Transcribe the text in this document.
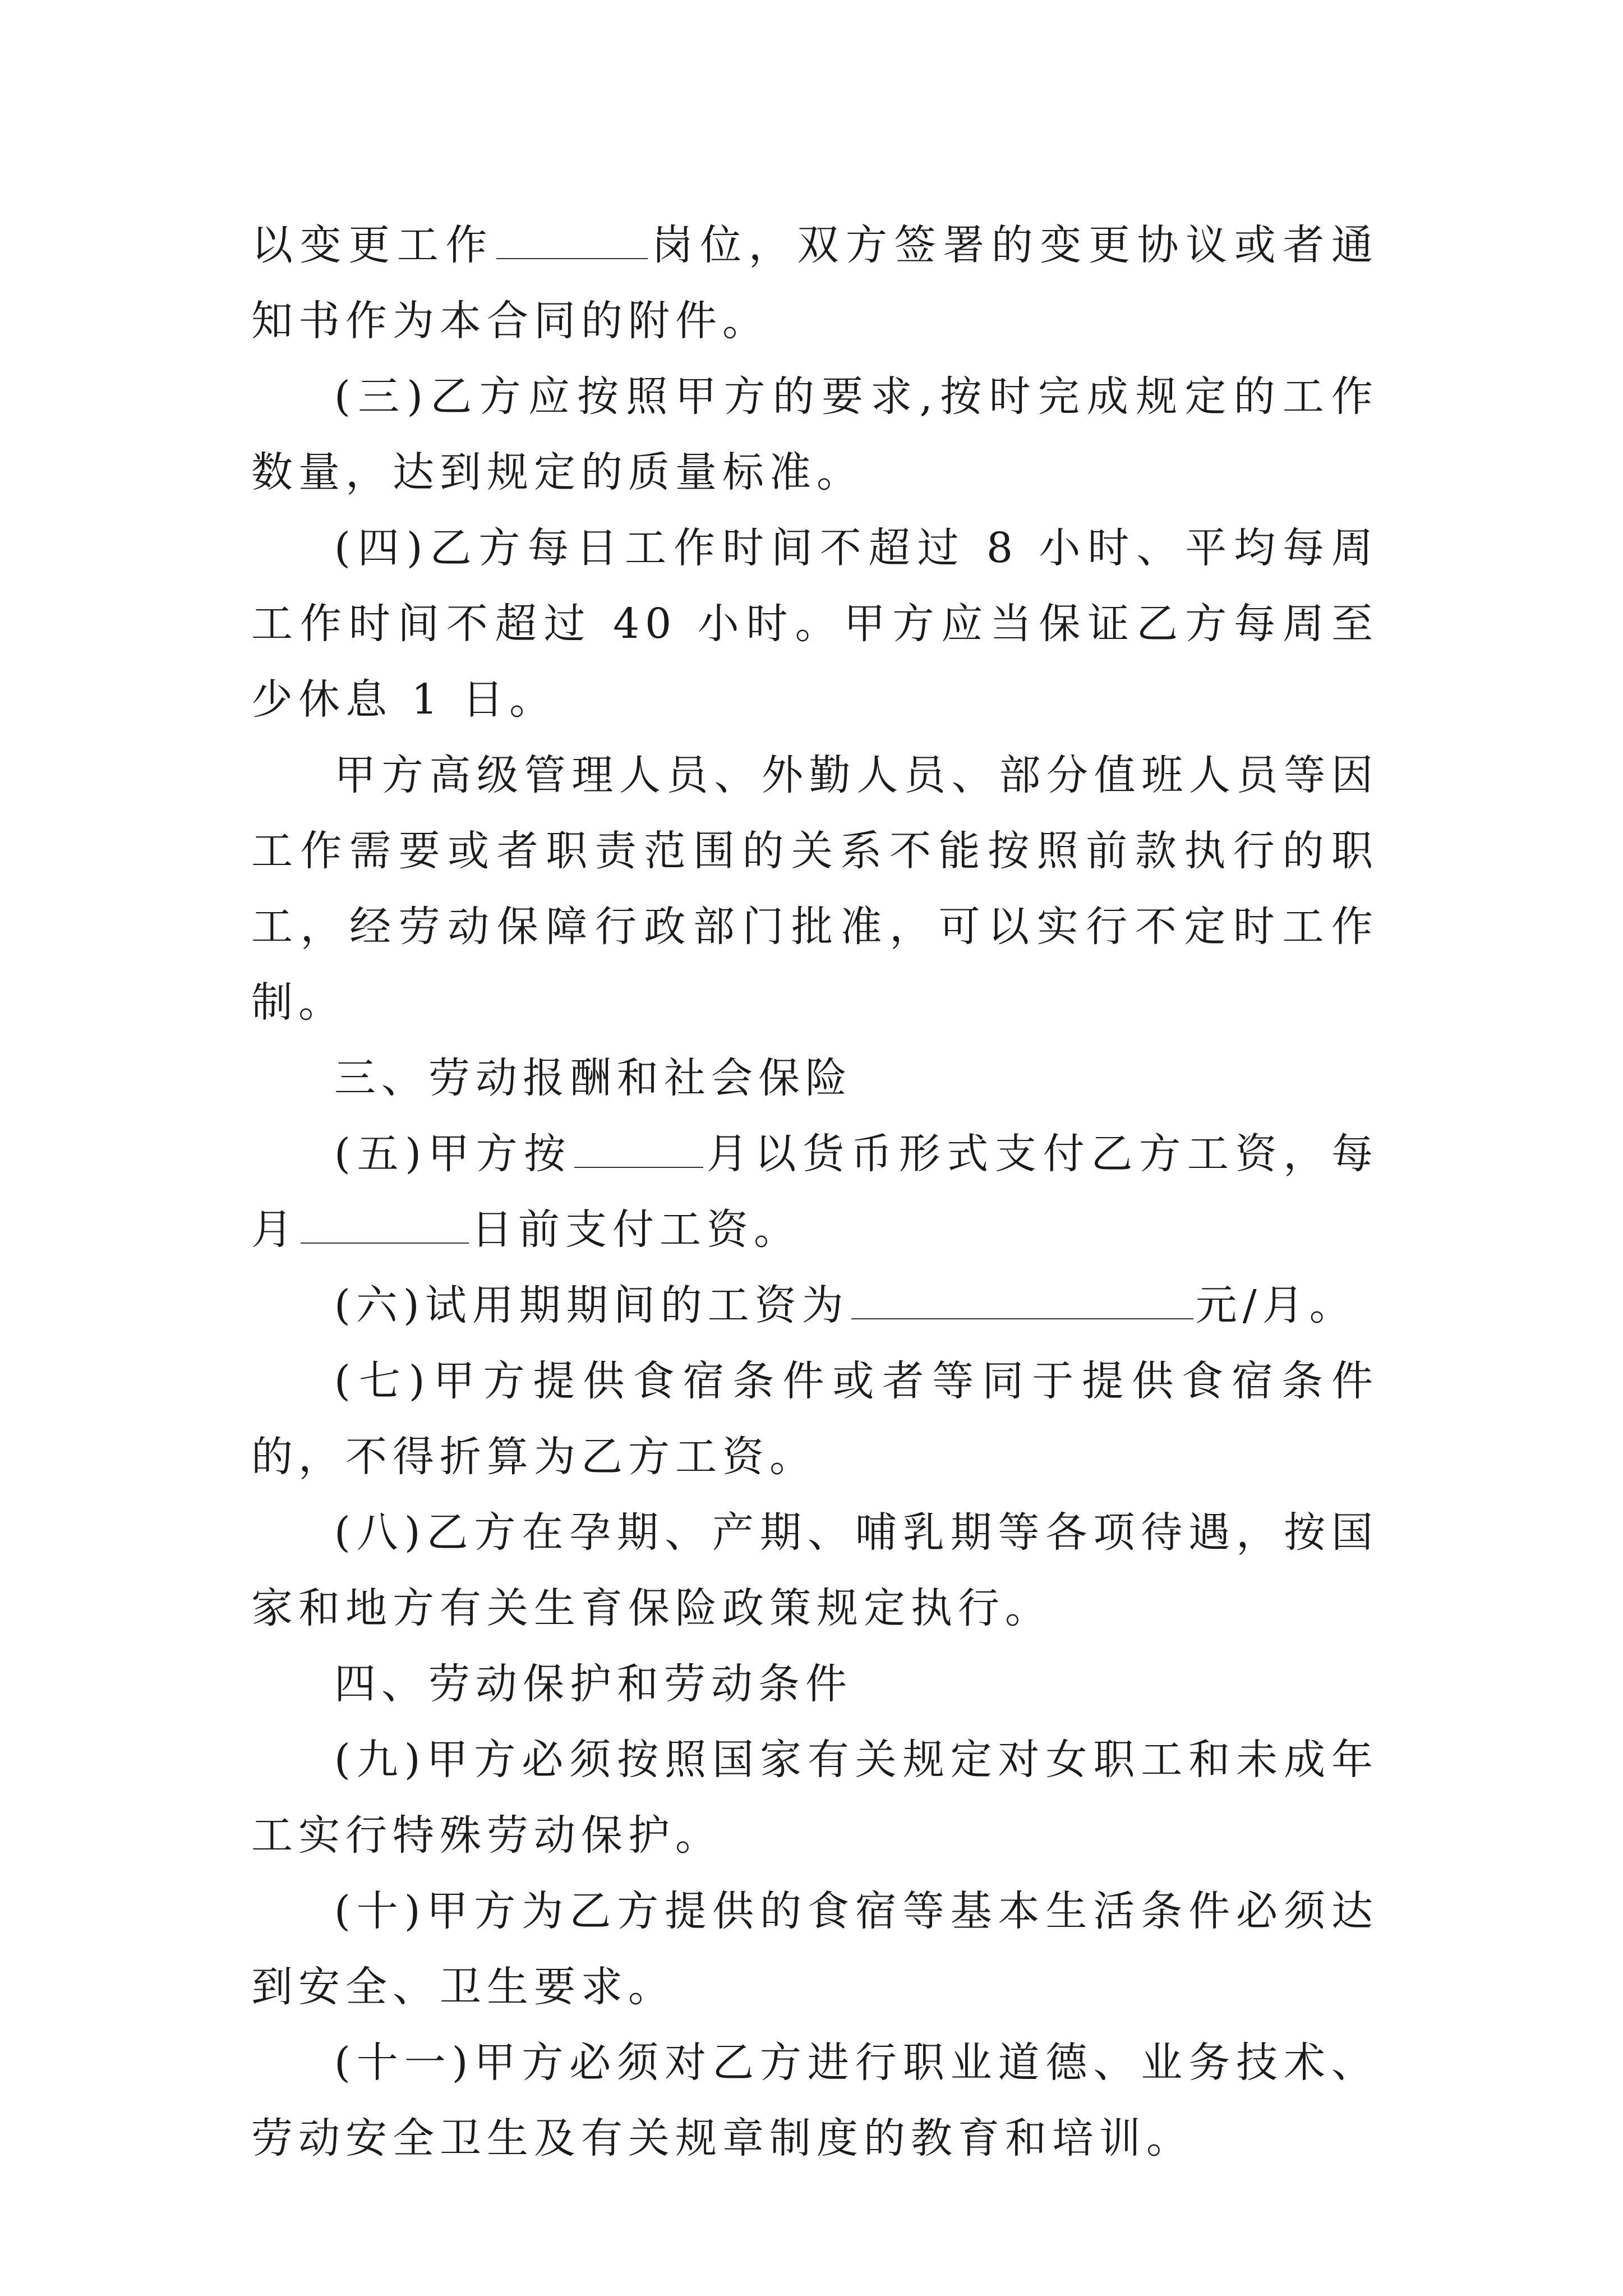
以变更工作	岗位，双方签署的变更协议或者通知书作为本合同的附件。

(三)乙方应按照甲方的要求,按时完成规定的工作数量，达到规定的质量标准。

(四)乙方每日工作时间不超过 8 小时、平均每周工作时间不超过 40 小时。甲方应当保证乙方每周至少休息 1 日。

甲方高级管理人员、外勤人员、部分值班人员等因工作需要或者职责范围的关系不能按照前款执行的职工，经劳动保障行政部门批准，可以实行不定时工作制。

三、劳动报酬和社会保险

(五)甲方按	月以货币形式支付乙方工资，每月	日前支付工资。

(六)试用期期间的工资为	元/月。

(七)甲方提供食宿条件或者等同于提供食宿条件的，不得折算为乙方工资。

(八)乙方在孕期、产期、哺乳期等各项待遇，按国家和地方有关生育保险政策规定执行。

四、劳动保护和劳动条件

(九)甲方必须按照国家有关规定对女职工和未成年工实行特殊劳动保护。

(十)甲方为乙方提供的食宿等基本生活条件必须达到安全、卫生要求。

(十一)甲方必须对乙方进行职业道德、业务技术、劳动安全卫生及有关规章制度的教育和培训。
